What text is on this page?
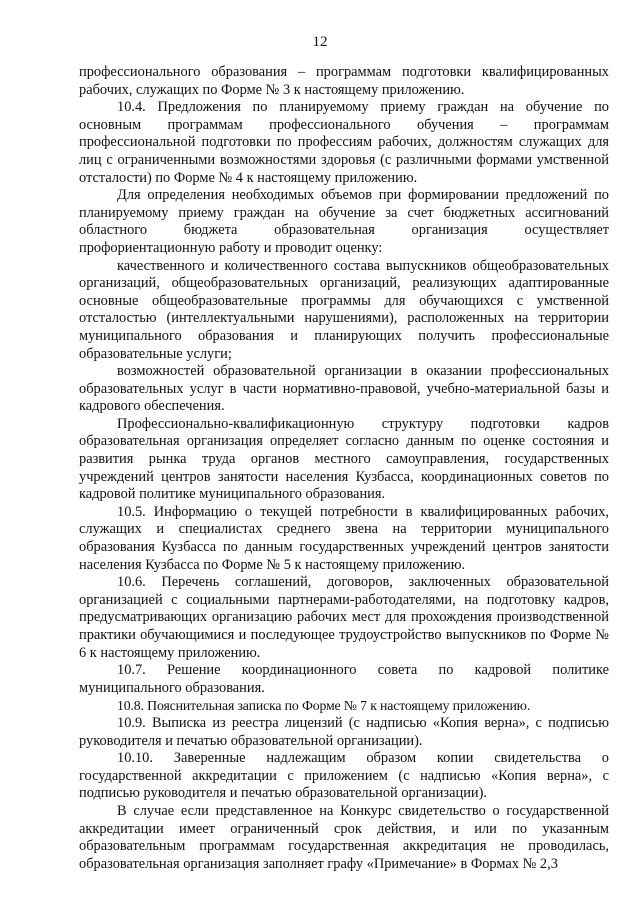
12

профессионального образования – программам подготовки квалифицированных рабочих, служащих по Форме № 3 к настоящему приложению.

10.4. Предложения по планируемому приему граждан на обучение по основным программам профессионального обучения – программам профессиональной подготовки по профессиям рабочих, должностям служащих для лиц с ограниченными возможностями здоровья (с различными формами умственной отсталости) по Форме № 4 к настоящему приложению.

Для определения необходимых объемов при формировании предложений по планируемому приему граждан на обучение за счет бюджетных ассигнований областного бюджета образовательная организация осуществляет профориентационную работу и проводит оценку:

качественного и количественного состава выпускников общеобразовательных организаций, общеобразовательных организаций, реализующих адаптированные основные общеобразовательные программы для обучающихся с умственной отсталостью (интеллектуальными нарушениями), расположенных на территории муниципального образования и планирующих получить профессиональные образовательные услуги;

возможностей образовательной организации в оказании профессиональных образовательных услуг в части нормативно-правовой, учебно-материальной базы и кадрового обеспечения.

Профессионально-квалификационную структуру подготовки кадров образовательная организация определяет согласно данным по оценке состояния и развития рынка труда органов местного самоуправления, государственных учреждений центров занятости населения Кузбасса, координационных советов по кадровой политике муниципального образования.

10.5. Информацию о текущей потребности в квалифицированных рабочих, служащих и специалистах среднего звена на территории муниципального образования Кузбасса по данным государственных учреждений центров занятости населения Кузбасса по Форме № 5 к настоящему приложению.

10.6. Перечень соглашений, договоров, заключенных образовательной организацией с социальными партнерами-работодателями, на подготовку кадров, предусматривающих организацию рабочих мест для прохождения производственной практики обучающимися и последующее трудоустройство выпускников по Форме № 6 к настоящему приложению.

10.7. Решение координационного совета по кадровой политике муниципального образования.

10.8. Пояснительная записка по Форме № 7 к настоящему приложению.

10.9. Выписка из реестра лицензий (с надписью «Копия верна», с подписью руководителя и печатью образовательной организации).

10.10. Заверенные надлежащим образом копии свидетельства о государственной аккредитации с приложением (с надписью «Копия верна», с подписью руководителя и печатью образовательной организации).

В случае если представленное на Конкурс свидетельство о государственной аккредитации имеет ограниченный срок действия, и или по указанным образовательным программам государственная аккредитация не проводилась, образовательная организация заполняет графу «Примечание» в Формах № 2,3
